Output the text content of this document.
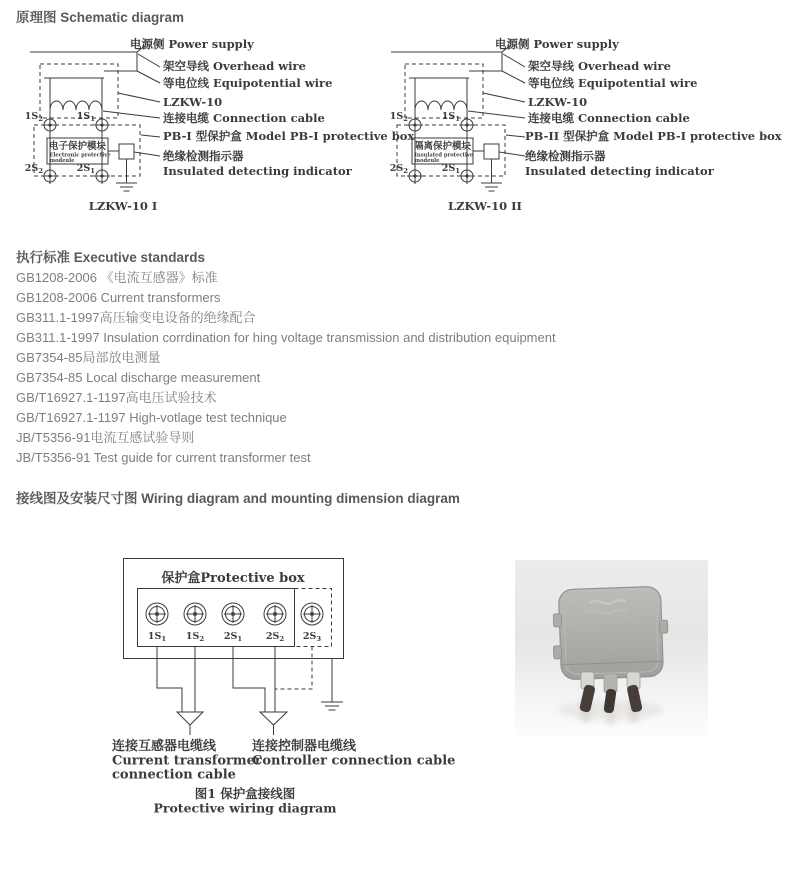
原理图 Schematic diagram
$1S_2$	$1S_1$
$2S_2$	$2S_1$
电子保护模块
Electronic protective
modeule
电源侧 Power supply
架空导线 Overhead wire
等电位线 Equipotential wire
LZKW-10
连接电缆 Connection cable
PB-I 型保护盒 Model PB-I protective box
绝缘检测指示器
Insulated detecting indicator
LZKW-10 I
$1S_2$	$1S_1$
$2S_2$	$2S_1$
隔离保护模块
Insulated protective
modeule
电源侧 Power supply
架空导线 Overhead wire
等电位线 Equipotential wire
LZKW-10
连接电缆 Connection cable
PB-II 型保护盒 Model PB-I protective box
绝缘检测指示器
Insulated detecting indicator
LZKW-10 II
执行标准 Executive standards
GB1208-2006 《电流互感器》标准
GB1208-2006 Current transformers
GB311.1-1997高压输变电设备的绝缘配合
GB311.1-1997 Insulation corrdination for hing voltage transmission and distribution equipment
GB7354-85局部放电测量
GB7354-85 Local discharge measurement
GB/T16927.1-1197高电压试验技术
GB/T16927.1-1197 High-votlage test technique
JB/T5356-91电流互感试验导则
JB/T5356-91 Test guide for current transformer test
接线图及安装尺寸图 Wiring diagram and mounting dimension diagram
保护盒Protective box
$1S_1$ $1S_2$ $2S_1$	$2S_2$ $2S_3$
连接互感器电缆线
Current transformer
connection cable
连接控制器电缆线
Controller connection cable
图1 保护盒接线图
Protective wiring diagram
